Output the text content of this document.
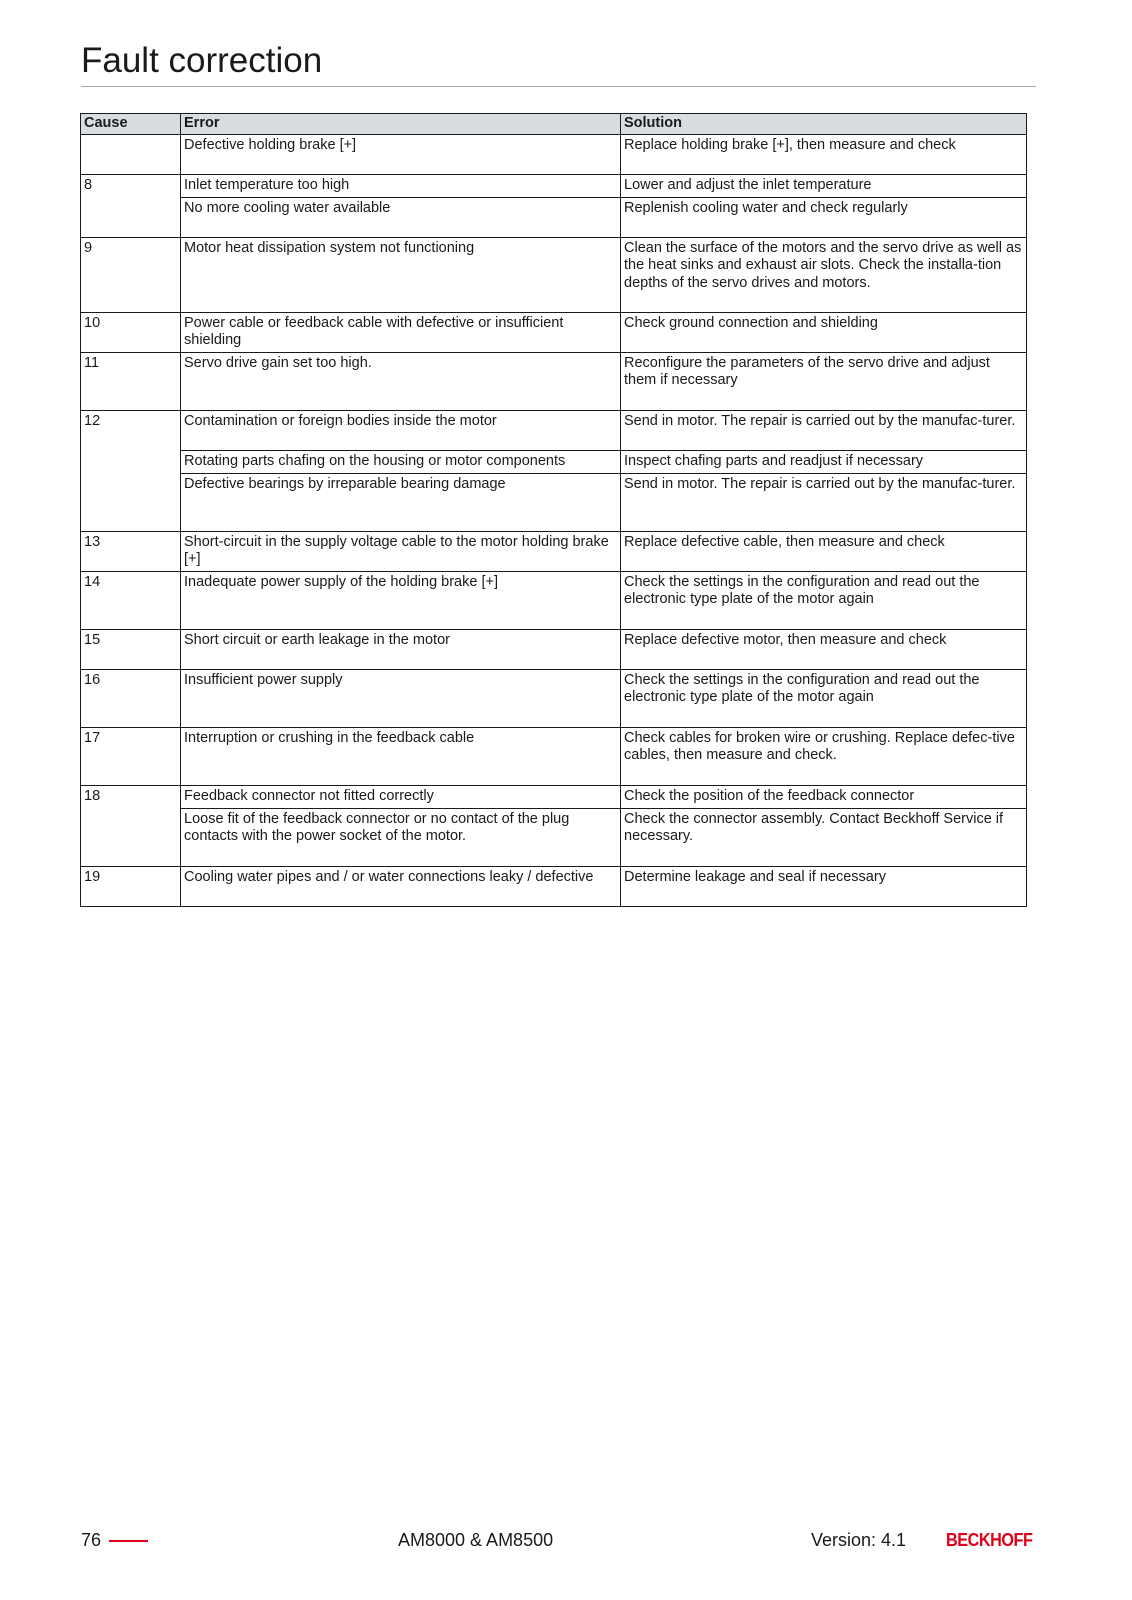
Fault correction
Cause	Error	Solution
	Defective holding brake [+]	Replace holding brake [+], then measure and check
8	Inlet temperature too high	Lower and adjust the inlet temperature
	No more cooling water available	Replenish cooling water and check regularly
9	Motor heat dissipation system not functioning	Clean the surface of the motors and the servo drive as well as the heat sinks and exhaust air slots. Check the installa-tion depths of the servo drives and motors.
10	Power cable or feedback cable with defective or insufficient shielding	Check ground connection and shielding
11	Servo drive gain set too high.	Reconfigure the parameters of the servo drive and adjust them if necessary
12	Contamination or foreign bodies inside the motor	Send in motor. The repair is carried out by the manufac-turer.
	Rotating parts chafing on the housing or motor components	Inspect chafing parts and readjust if necessary
	Defective bearings by irreparable bearing damage	Send in motor. The repair is carried out by the manufac-turer.
13	Short-circuit in the supply voltage cable to the motor holding brake [+]	Replace defective cable, then measure and check
14	Inadequate power supply of the holding brake [+]	Check the settings in the configuration and read out the electronic type plate of the motor again
15	Short circuit or earth leakage in the motor	Replace defective motor, then measure and check
16	Insufficient power supply	Check the settings in the configuration and read out the electronic type plate of the motor again
17	Interruption or crushing in the feedback cable	Check cables for broken wire or crushing. Replace defec-tive cables, then measure and check.
18	Feedback connector not fitted correctly	Check the position of the feedback connector
	Loose fit of the feedback connector or no contact of the plug contacts with the power socket of the motor.	Check the connector assembly. Contact Beckhoff Service if necessary.
19	Cooling water pipes and / or water connections leaky / defective	Determine leakage and seal if necessary
76	AM8000 & AM8500	Version: 4.1 BECKHOFF
